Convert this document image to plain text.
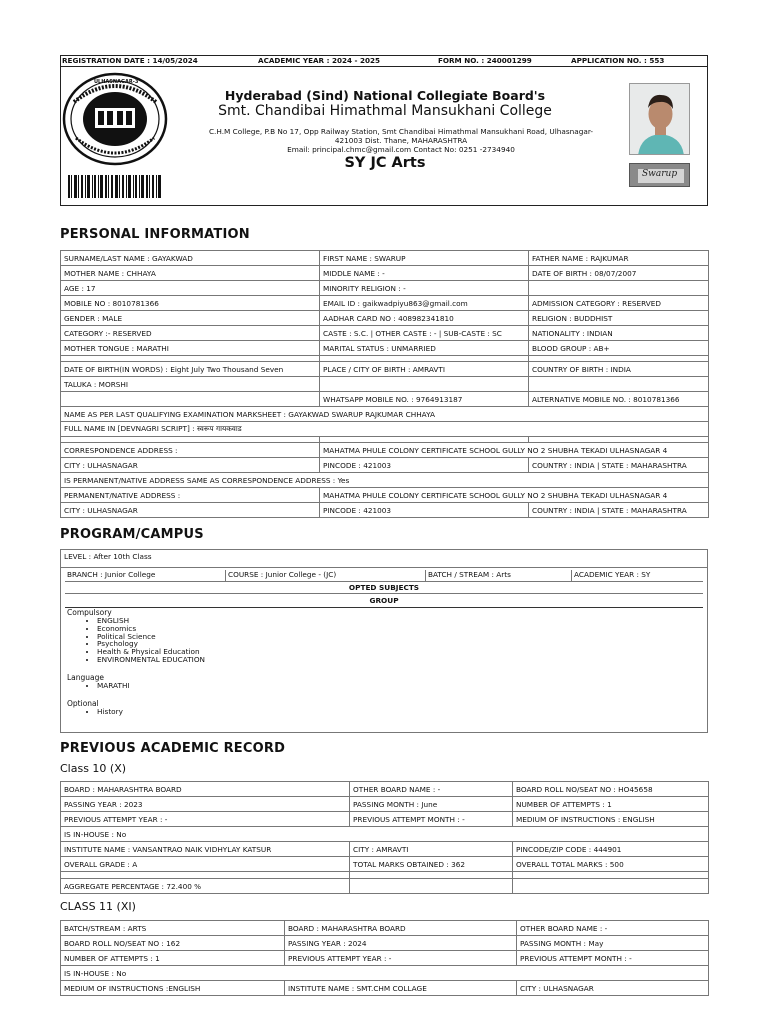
REGISTRATION DATE : 14/05/2024	ACADEMIC YEAR : 2024 - 2025	FORM NO. : 240001299	APPLICATION NO. : 553
ULHASNAGAR-3
Hyderabad (Sind) National Collegiate Board's
Smt. Chandibai Himathmal Mansukhani College
C.H.M College, P.B No 17, Opp Railway Station, Smt Chandibai Himathmal Mansukhani Road, Ulhasnagar-
421003 Dist. Thane, MAHARASHTRA
Email: principal.chmc@gmail.com Contact No: 0251 -2734940
SY JC Arts
Swarup
PERSONAL INFORMATION
SURNAME/LAST NAME : GAYAKWAD	FIRST NAME : SWARUP	FATHER NAME : RAJKUMAR
MOTHER NAME : CHHAYA	MIDDLE NAME : -	DATE OF BIRTH : 08/07/2007
AGE : 17	MINORITY RELIGION : -	
MOBILE NO : 8010781366	EMAIL ID : gaikwadpiyu863@gmail.com	ADMISSION CATEGORY : RESERVED
GENDER : MALE	AADHAR CARD NO : 408982341810	RELIGION : BUDDHIST
CATEGORY :- RESERVED	CASTE : S.C. | OTHER CASTE : - | SUB-CASTE : SC	NATIONALITY : INDIAN
MOTHER TONGUE : MARATHI	MARITAL STATUS : UNMARRIED	BLOOD GROUP : AB+

DATE OF BIRTH(IN WORDS) : Eight July Two Thousand Seven	PLACE / CITY OF BIRTH : AMRAVTI	COUNTRY OF BIRTH : INDIA
TALUKA : MORSHI		
	WHATSAPP MOBILE NO. : 9764913187	ALTERNATIVE MOBILE NO. : 8010781366
NAME AS PER LAST QUALIFYING EXAMINATION MARKSHEET : GAYAKWAD SWARUP RAJKUMAR CHHAYA		
FULL NAME IN [DEVNAGRI SCRIPT] : स्वरूप गायकवाड		

CORRESPONDENCE ADDRESS :	MAHATMA PHULE COLONY CERTIFICATE SCHOOL GULLY NO 2 SHUBHA TEKADI ULHASNAGAR 4	
CITY : ULHASNAGAR	PINCODE : 421003	COUNTRY : INDIA | STATE : MAHARASHTRA
IS PERMANENT/NATIVE ADDRESS SAME AS CORRESPONDENCE ADDRESS : Yes		
PERMANENT/NATIVE ADDRESS :	MAHATMA PHULE COLONY CERTIFICATE SCHOOL GULLY NO 2 SHUBHA TEKADI ULHASNAGAR 4	
CITY : ULHASNAGAR	PINCODE : 421003	COUNTRY : INDIA | STATE : MAHARASHTRA
PROGRAM/CAMPUS
LEVEL : After 10th Class
BRANCH : Junior College	COURSE : Junior College - (JC)	BATCH / STREAM : Arts	ACADEMIC YEAR : SY
OPTED SUBJECTS
GROUP
Compulsory
• ENGLISH
• Economics
• Political Science
• Psychology
• Health & Physical Education
• ENVIRONMENTAL EDUCATION
Language
• MARATHI
Optional
• History
PREVIOUS ACADEMIC RECORD
Class 10 (X)
BOARD : MAHARASHTRA BOARD	OTHER BOARD NAME : -	BOARD ROLL NO/SEAT NO : HO45658
PASSING YEAR : 2023	PASSING MONTH : June	NUMBER OF ATTEMPTS : 1
PREVIOUS ATTEMPT YEAR : -	PREVIOUS ATTEMPT MONTH : -	MEDIUM OF INSTRUCTIONS : ENGLISH
IS IN-HOUSE : No		
INSTITUTE NAME : VANSANTRAO NAIK VIDHYLAY KATSUR	CITY : AMRAVTI	PINCODE/ZIP CODE : 444901
OVERALL GRADE : A	TOTAL MARKS OBTAINED : 362	OVERALL TOTAL MARKS : 500

AGGREGATE PERCENTAGE : 72.400 %		
CLASS 11 (XI)
BATCH/STREAM : ARTS	BOARD : MAHARASHTRA BOARD	OTHER BOARD NAME : -
BOARD ROLL NO/SEAT NO : 162	PASSING YEAR : 2024	PASSING MONTH : May
NUMBER OF ATTEMPTS : 1	PREVIOUS ATTEMPT YEAR : -	PREVIOUS ATTEMPT MONTH : -
IS IN-HOUSE : No		
MEDIUM OF INSTRUCTIONS :ENGLISH	INSTITUTE NAME : SMT.CHM COLLAGE	CITY : ULHASNAGAR
